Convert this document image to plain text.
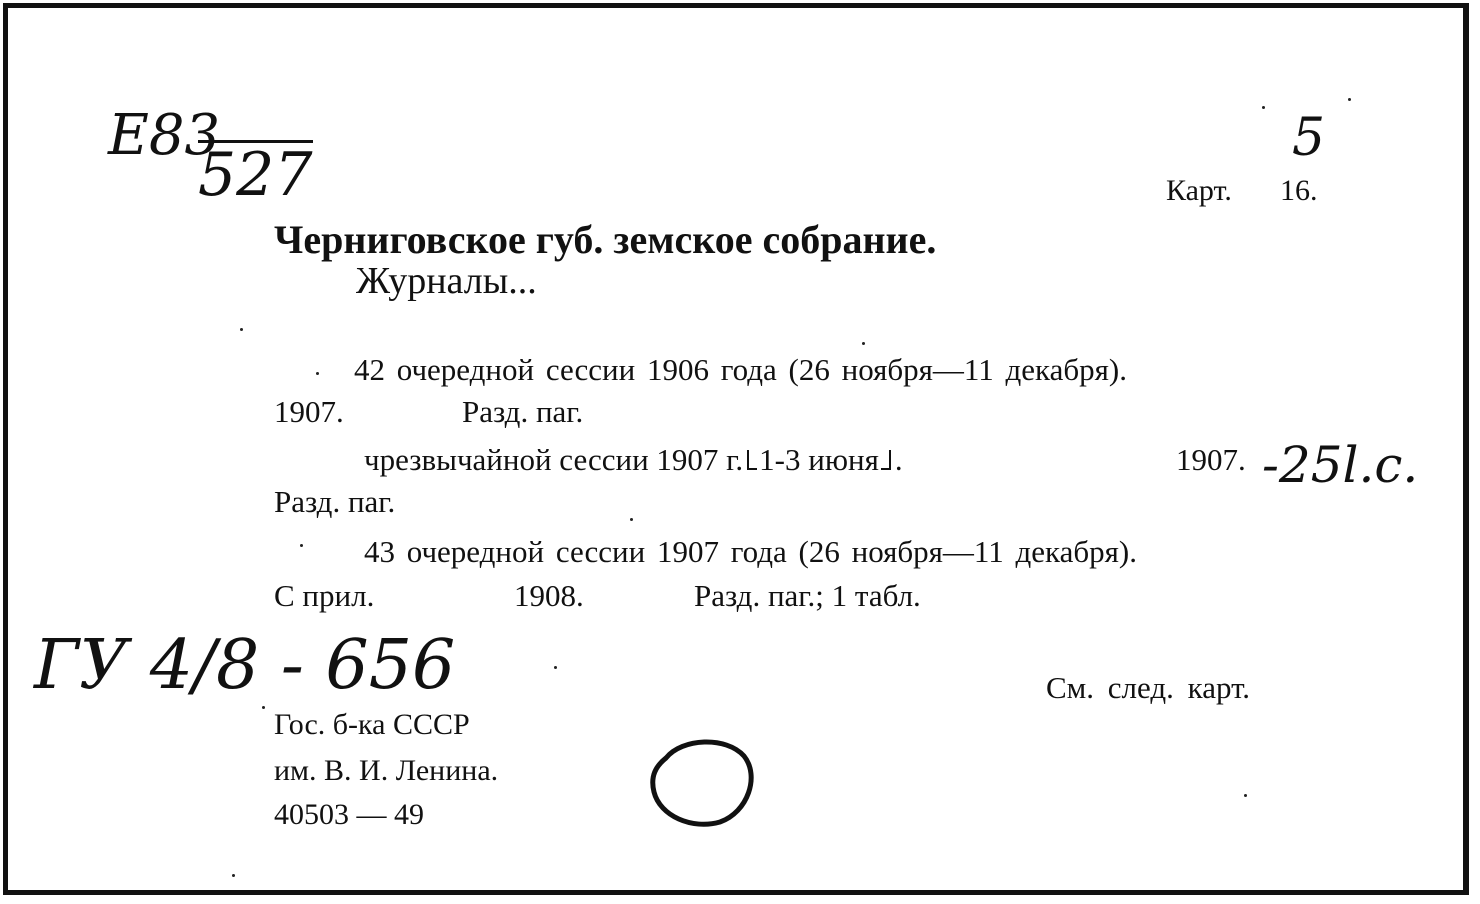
E83
527
5
-25l.c.
ГУ 4/8 - 656
Карт. 16.
Черниговское губ. земское собрание.
Журналы...
42 очередной сессии 1906 года (26 ноября—11 декабря).
1907.	Разд. паг.
чрезвычайной сессии 1907 г. 1-3 июня .	1907.
Разд. паг.
43 очередной сессии 1907 года (26 ноября—11 декабря).
С прил.	1908.	Разд. паг.; 1 табл.
См. след. карт.
Гос. б-ка СССР
им. В. И. Ленина.
40503 — 49
